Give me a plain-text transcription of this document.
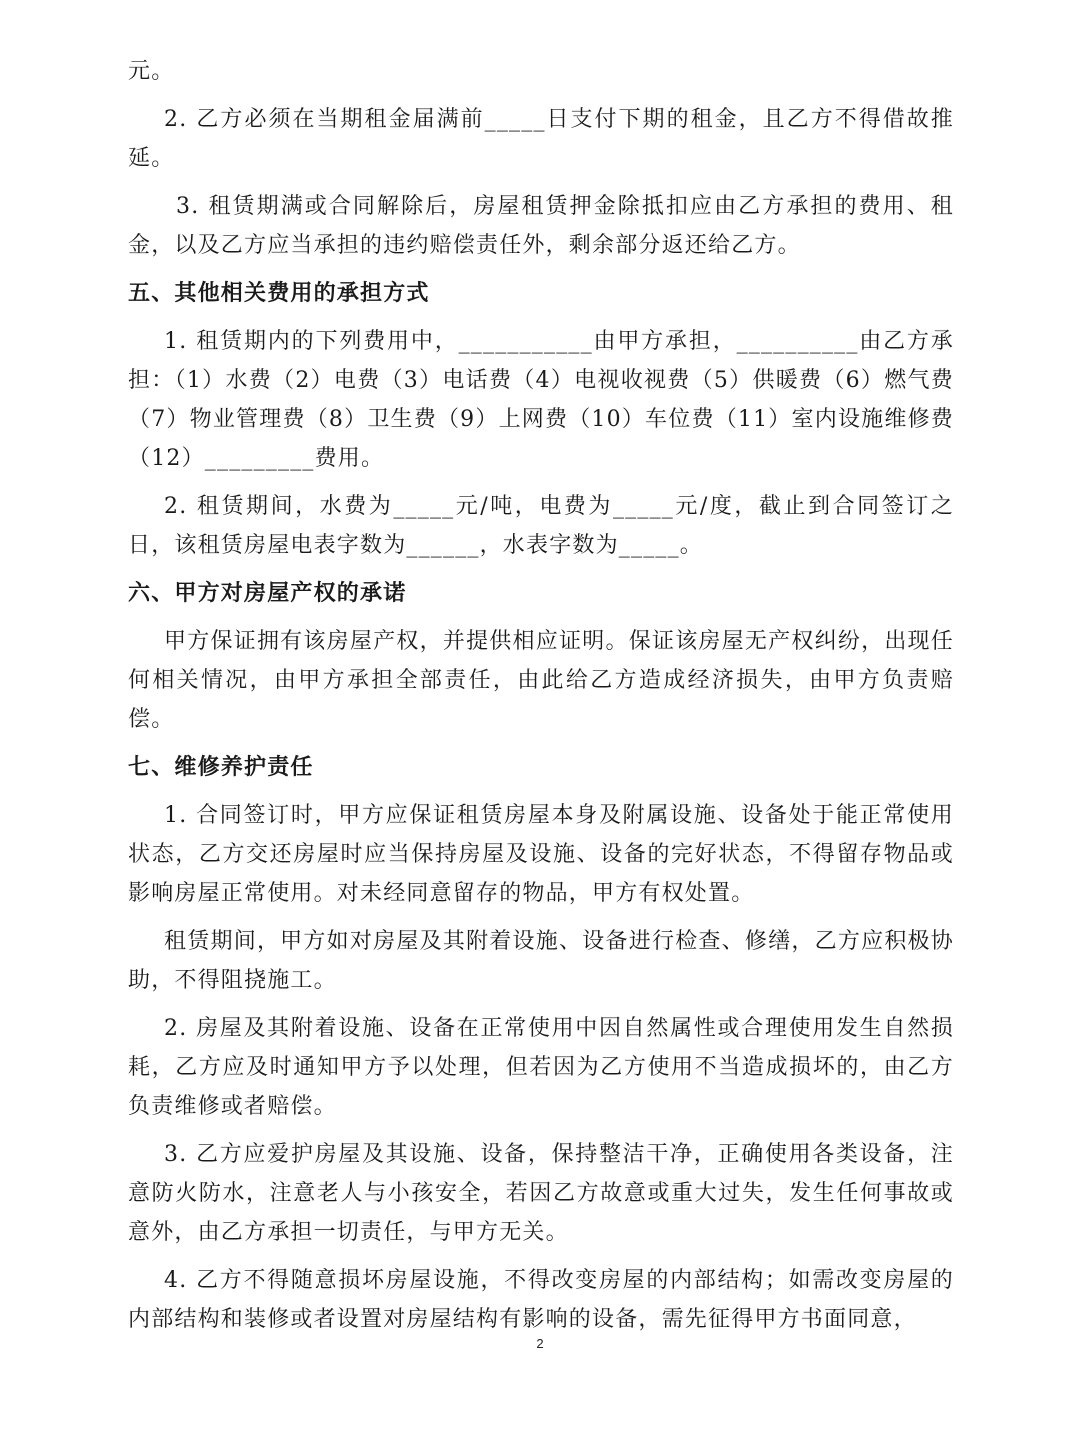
元。

2. 乙方必须在当期租金届满前_____日支付下期的租金，且乙方不得借故推延。

3. 租赁期满或合同解除后，房屋租赁押金除抵扣应由乙方承担的费用、租金，以及乙方应当承担的违约赔偿责任外，剩余部分返还给乙方。

五、其他相关费用的承担方式

1. 租赁期内的下列费用中，___________由甲方承担，__________由乙方承担：（1）水费（2）电费（3）电话费（4）电视收视费（5）供暖费（6）燃气费（7）物业管理费（8）卫生费（9）上网费（10）车位费（11）室内设施维修费（12）_________费用。

2. 租赁期间，水费为_____元/吨，电费为_____元/度，截止到合同签订之日，该租赁房屋电表字数为______，水表字数为_____。

六、甲方对房屋产权的承诺

甲方保证拥有该房屋产权，并提供相应证明。保证该房屋无产权纠纷，出现任何相关情况，由甲方承担全部责任，由此给乙方造成经济损失，由甲方负责赔偿。

七、维修养护责任

1. 合同签订时，甲方应保证租赁房屋本身及附属设施、设备处于能正常使用状态，乙方交还房屋时应当保持房屋及设施、设备的完好状态，不得留存物品或影响房屋正常使用。对未经同意留存的物品，甲方有权处置。

租赁期间，甲方如对房屋及其附着设施、设备进行检查、修缮，乙方应积极协助，不得阻挠施工。

2. 房屋及其附着设施、设备在正常使用中因自然属性或合理使用发生自然损耗，乙方应及时通知甲方予以处理，但若因为乙方使用不当造成损坏的，由乙方负责维修或者赔偿。

3. 乙方应爱护房屋及其设施、设备，保持整洁干净，正确使用各类设备，注意防火防水，注意老人与小孩安全，若因乙方故意或重大过失，发生任何事故或意外，由乙方承担一切责任，与甲方无关。

4. 乙方不得随意损坏房屋设施，不得改变房屋的内部结构；如需改变房屋的内部结构和装修或者设置对房屋结构有影响的设备，需先征得甲方书面同意，

2
